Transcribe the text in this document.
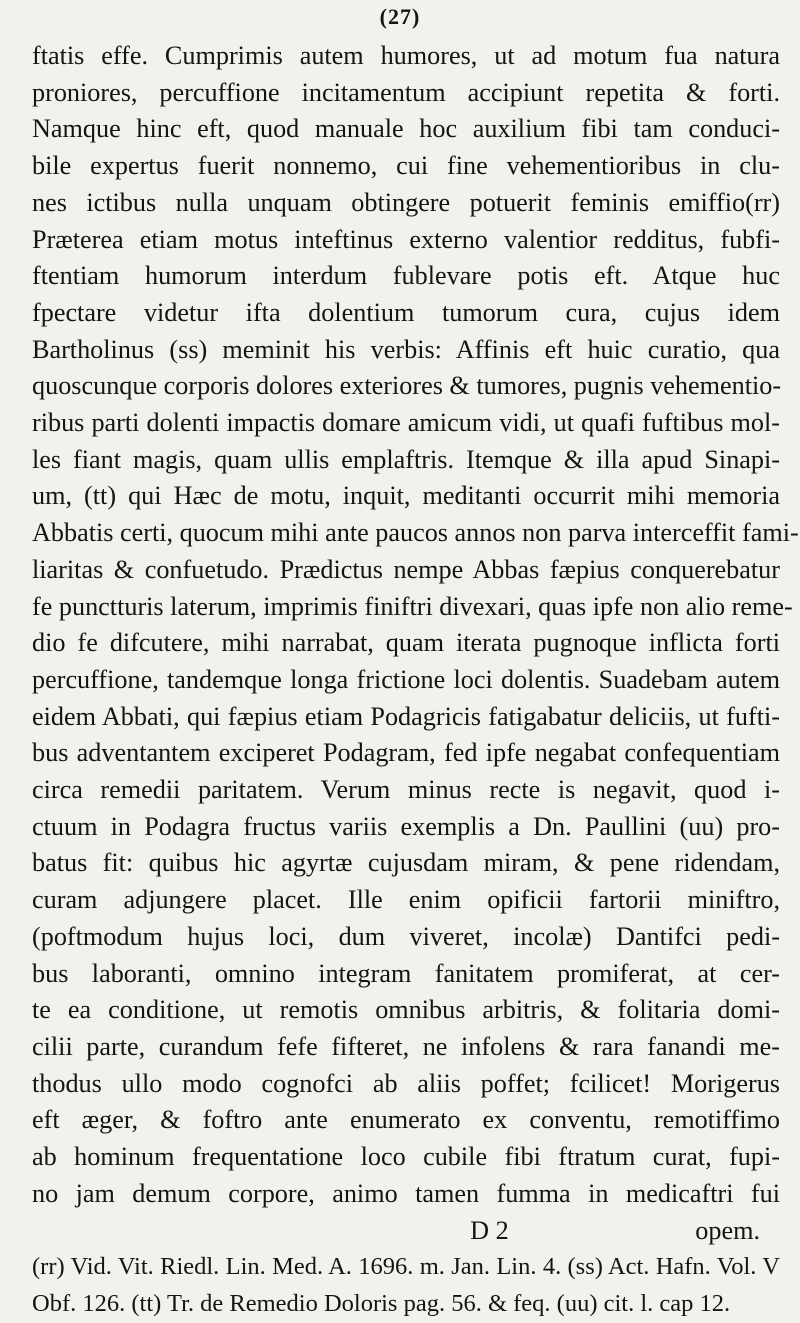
(27)
ftatis effe. Cumprimis autem humores, ut ad motum fua natura
proniores, percuffione incitamentum accipiunt repetita & forti.
Namque hinc eft, quod manuale hoc auxilium fibi tam conduci-
bile expertus fuerit nonnemo, cui fine vehementioribus in clu-
nes ictibus nulla unquam obtingere potuerit feminis emiffio(rr)
Præterea etiam motus inteftinus externo valentior redditus, fubfi-
ftentiam humorum interdum fublevare potis eft. Atque huc
fpectare videtur ifta dolentium tumorum cura, cujus idem
Bartholinus (ss) meminit his verbis: Affinis eft huic curatio, qua
quoscunque corporis dolores exteriores & tumores, pugnis vehementio-
ribus parti dolenti impactis domare amicum vidi, ut quafi fuftibus mol-
les fiant magis, quam ullis emplaftris. Itemque & illa apud Sinapi-
um, (tt) qui Hæc de motu, inquit, meditanti occurrit mihi memoria
Abbatis certi, quocum mihi ante paucos annos non parva interceffit fami-
liaritas & confuetudo. Prædictus nempe Abbas fæpius conquerebatur
fe punctturis laterum, imprimis finiftri divexari, quas ipfe non alio reme-
dio fe difcutere, mihi narrabat, quam iterata pugnoque inflicta forti
percuffione, tandemque longa frictione loci dolentis. Suadebam autem
eidem Abbati, qui fæpius etiam Podagricis fatigabatur deliciis, ut fufti-
bus adventantem exciperet Podagram, fed ipfe negabat confequentiam
circa remedii paritatem. Verum minus recte is negavit, quod i-
ctuum in Podagra fructus variis exemplis a Dn. Paullini (uu) pro-
batus fit: quibus hic agyrtæ cujusdam miram, & pene ridendam,
curam adjungere placet. Ille enim opificii fartorii miniftro,
(poftmodum hujus loci, dum viveret, incolæ) Dantifci pedi-
bus laboranti, omnino integram fanitatem promiferat, at cer-
te ea conditione, ut remotis omnibus arbitris, & folitaria domi-
cilii parte, curandum fefe fifteret, ne infolens & rara fanandi me-
thodus ullo modo cognofci ab aliis poffet; fcilicet! Morigerus
eft æger, & foftro ante enumerato ex conventu, remotiffimo
ab hominum frequentatione loco cubile fibi ftratum curat, fupi-
no jam demum corpore, animo tamen fumma in medicaftri fui
D 2	opem.
(rr) Vid. Vit. Riedl. Lin. Med. A. 1696. m. Jan. Lin. 4. (ss) Act. Hafn. Vol. V
Obf. 126. (tt) Tr. de Remedio Doloris pag. 56. & feq. (uu) cit. l. cap 12.
